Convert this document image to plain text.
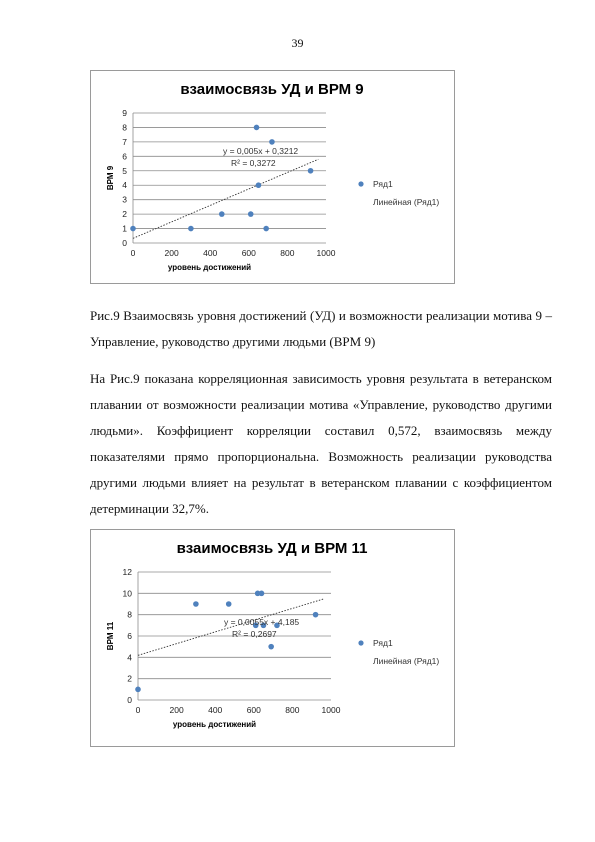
39
взаимосвязь УД и ВРМ 9
0
1
2
3
4
5
6
7
8
9
0	200	400	600	800	1000
уровень достижений
ВРМ 9
y = 0,005x + 0,3212
R² = 0,3272
Ряд1
Линейная (Ряд1)

Рис.9 Взаимосвязь уровня достижений (УД) и возможности реализации мотива 9 – Управление, руководство другими людьми (ВРМ 9)

На Рис.9 показана корреляционная зависимость уровня результата в ветеранском плавании от возможности реализации мотива «Управление, руководство другими людьми». Коэффициент корреляции составил 0,572, взаимосвязь между показателями прямо пропорциональна. Возможность реализации руководства другими людьми влияет на результат в ветеранском плавании с коэффициентом детерминации 32,7%.

взаимосвязь УД и ВРМ 11
0
2
4
6
8
10
12
0	200	400	600	800	1000
уровень достижений
ВРМ 11	y = 0,0055x + 4,185
R² = 0,2697
Ряд1
Линейная (Ряд1)
